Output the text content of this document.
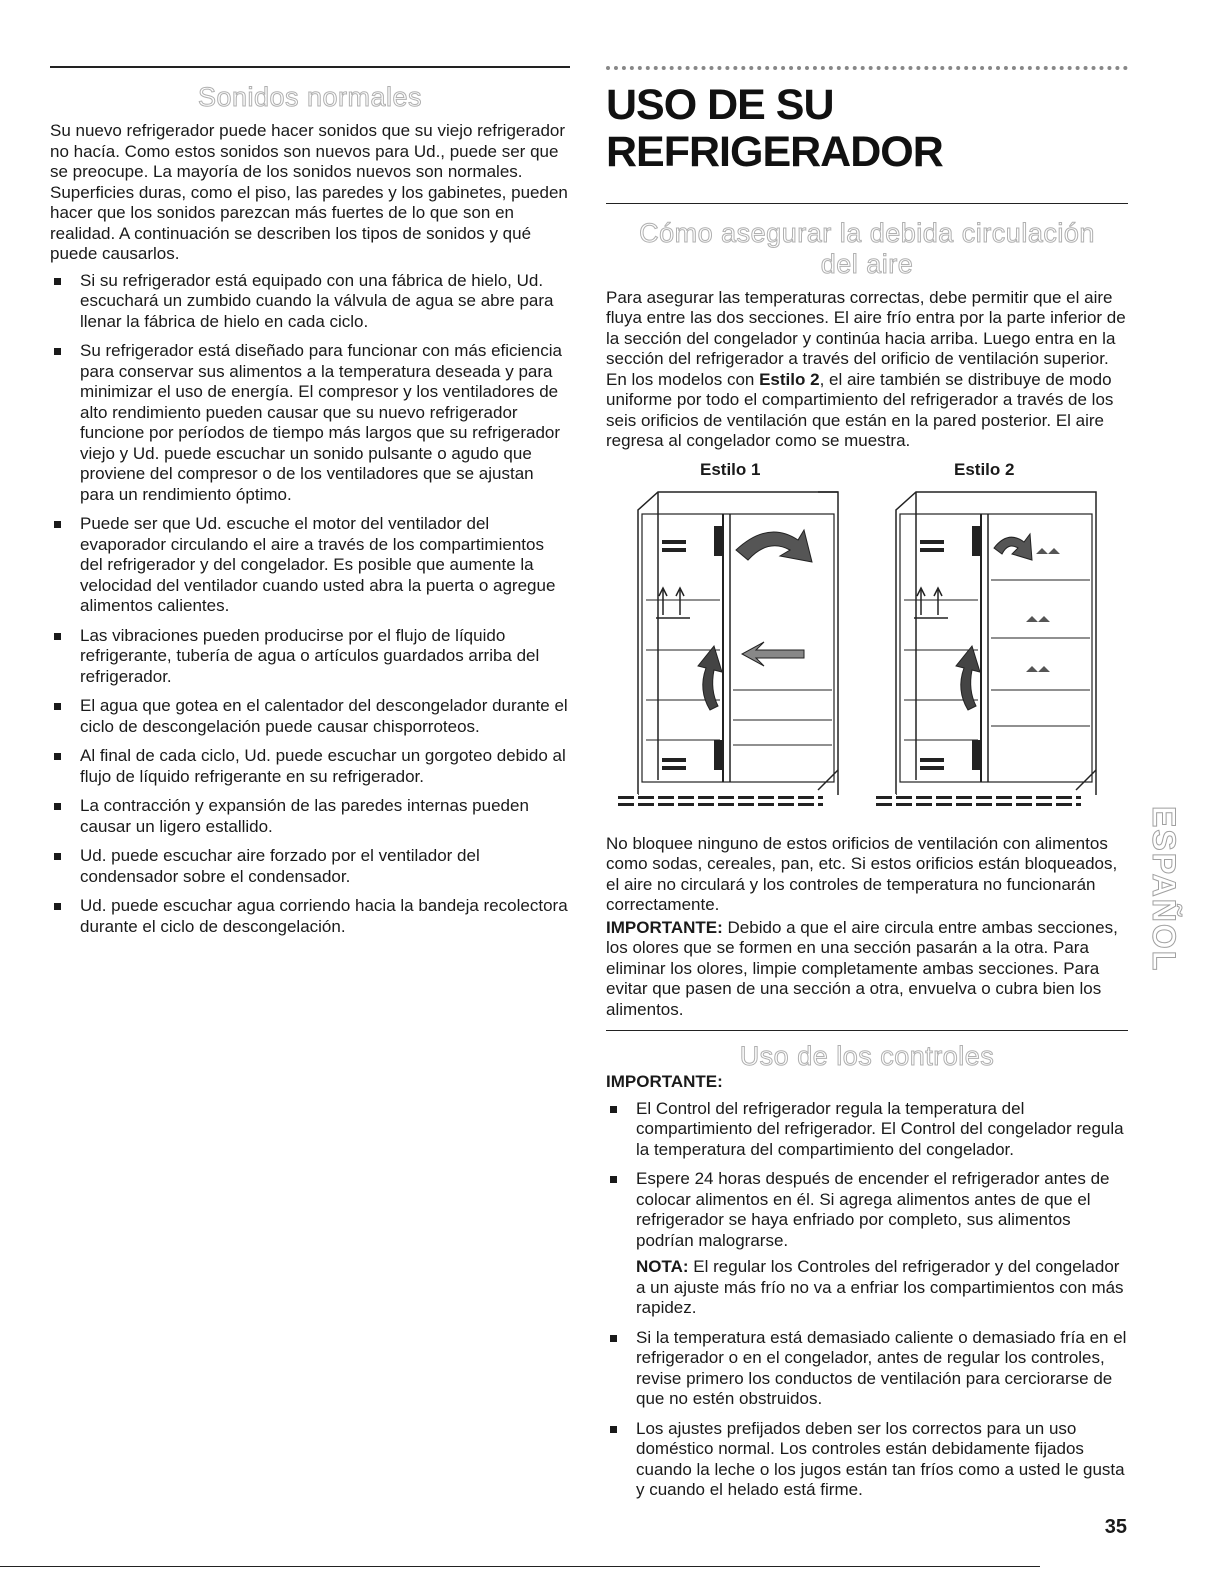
Sonidos normales

Su nuevo refrigerador puede hacer sonidos que su viejo refrigerador no hacía. Como estos sonidos son nuevos para Ud., puede ser que se preocupe. La mayoría de los sonidos nuevos son normales. Superficies duras, como el piso, las paredes y los gabinetes, pueden hacer que los sonidos parezcan más fuertes de lo que son en realidad. A continuación se describen los tipos de sonidos y qué puede causarlos.

Si su refrigerador está equipado con una fábrica de hielo, Ud. escuchará un zumbido cuando la válvula de agua se abre para llenar la fábrica de hielo en cada ciclo.
Su refrigerador está diseñado para funcionar con más eficiencia para conservar sus alimentos a la temperatura deseada y para minimizar el uso de energía. El compresor y los ventiladores de alto rendimiento pueden causar que su nuevo refrigerador funcione por períodos de tiempo más largos que su refrigerador viejo y Ud. puede escuchar un sonido pulsante o agudo que proviene del compresor o de los ventiladores que se ajustan para un rendimiento óptimo.
Puede ser que Ud. escuche el motor del ventilador del evaporador circulando el aire a través de los compartimientos del refrigerador y del congelador. Es posible que aumente la velocidad del ventilador cuando usted abra la puerta o agregue alimentos calientes.
Las vibraciones pueden producirse por el flujo de líquido refrigerante, tubería de agua o artículos guardados arriba del refrigerador.
El agua que gotea en el calentador del descongelador durante el ciclo de descongelación puede causar chisporroteos.
Al final de cada ciclo, Ud. puede escuchar un gorgoteo debido al flujo de líquido refrigerante en su refrigerador.
La contracción y expansión de las paredes internas pueden causar un ligero estallido.
Ud. puede escuchar aire forzado por el ventilador del condensador sobre el condensador.
Ud. puede escuchar agua corriendo hacia la bandeja recolectora durante el ciclo de descongelación.
USO DE SU REFRIGERADOR
Cómo asegurar la debida circulación del aire

Para asegurar las temperaturas correctas, debe permitir que el aire fluya entre las dos secciones. El aire frío entra por la parte inferior de la sección del congelador y continúa hacia arriba. Luego entra en la sección del refrigerador a través del orificio de ventilación superior. En los modelos con Estilo 2, el aire también se distribuye de modo uniforme por todo el compartimiento del refrigerador a través de los seis orificios de ventilación que están en la pared posterior. El aire regresa al congelador como se muestra.

Estilo 1	Estilo 2

No bloquee ninguno de estos orificios de ventilación con alimentos como sodas, cereales, pan, etc. Si estos orificios están bloqueados, el aire no circulará y los controles de temperatura no funcionarán correctamente.

IMPORTANTE: Debido a que el aire circula entre ambas secciones, los olores que se formen en una sección pasarán a la otra. Para eliminar los olores, limpie completamente ambas secciones. Para evitar que pasen de una sección a otra, envuelva o cubra bien los alimentos.

Uso de los controles

IMPORTANTE:

El Control del refrigerador regula la temperatura del compartimiento del refrigerador. El Control del congelador regula la temperatura del compartimiento del congelador.
Espere 24 horas después de encender el refrigerador antes de colocar alimentos en él. Si agrega alimentos antes de que el refrigerador se haya enfriado por completo, sus alimentos podrían malograrse.

NOTA: El regular los Controles del refrigerador y del congelador a un ajuste más frío no va a enfriar los compartimientos con más rapidez.

Si la temperatura está demasiado caliente o demasiado fría en el refrigerador o en el congelador, antes de regular los controles, revise primero los conductos de ventilación para cerciorarse de que no estén obstruidos.
Los ajustes prefijados deben ser los correctos para un uso doméstico normal. Los controles están debidamente fijados cuando la leche o los jugos están tan fríos como a usted le gusta y cuando el helado está firme.
ESPAÑOL
35
